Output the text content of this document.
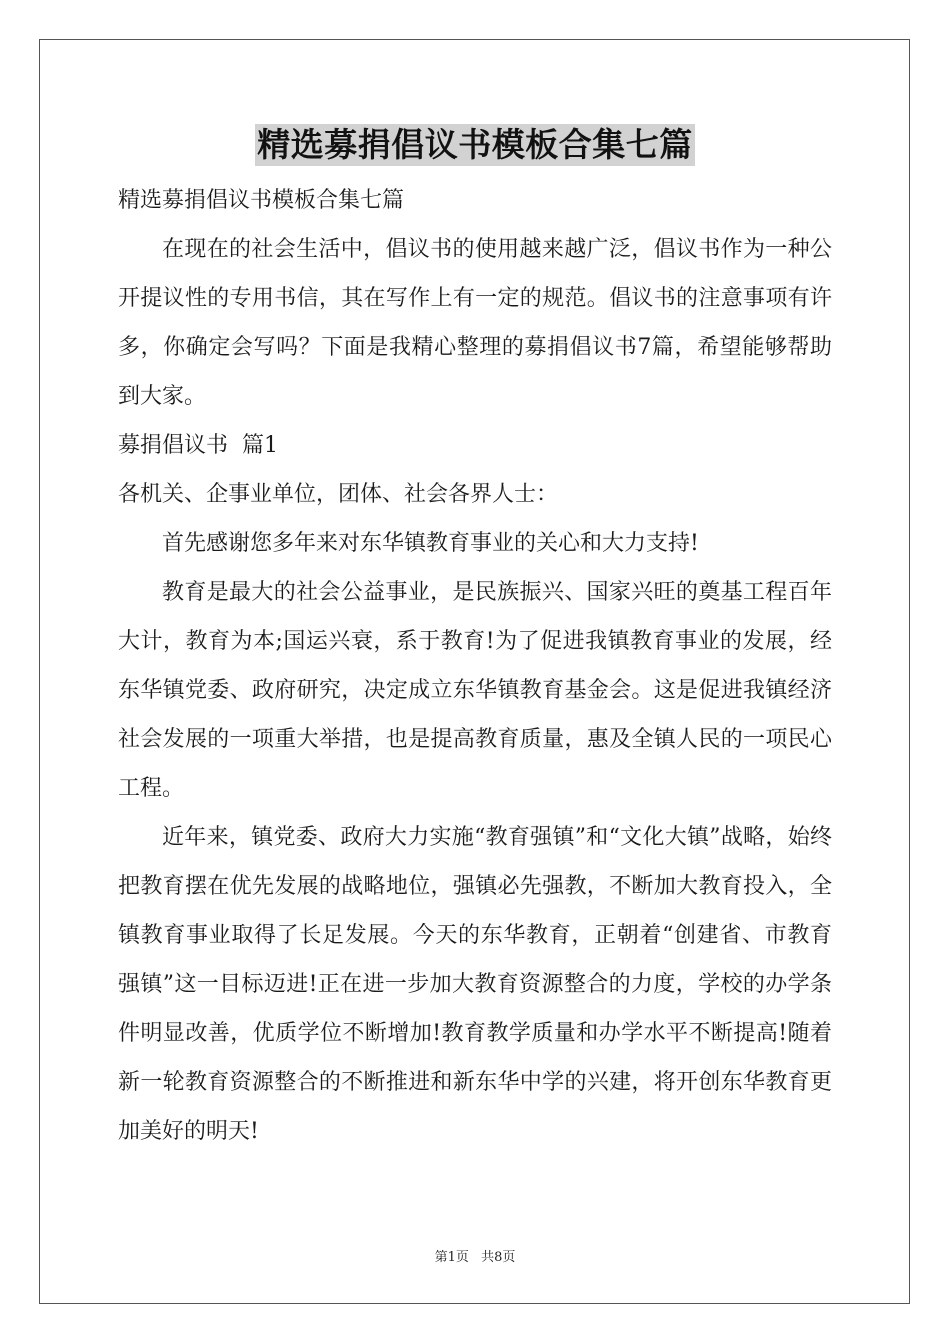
精选募捐倡议书模板合集七篇
精选募捐倡议书模板合集七篇

在现在的社会生活中，倡议书的使用越来越广泛，倡议书作为一种公开提议性的专用书信，其在写作上有一定的规范。倡议书的注意事项有许多，你确定会写吗？下面是我精心整理的募捐倡议书7篇，希望能够帮助到大家。

募捐倡议书  篇1

各机关、企事业单位，团体、社会各界人士：

首先感谢您多年来对东华镇教育事业的关心和大力支持!

教育是最大的社会公益事业，是民族振兴、国家兴旺的奠基工程百年大计，教育为本;国运兴衰，系于教育!为了促进我镇教育事业的发展，经东华镇党委、政府研究，决定成立东华镇教育基金会。这是促进我镇经济社会发展的一项重大举措，也是提高教育质量，惠及全镇人民的一项民心工程。

近年来，镇党委、政府大力实施“教育强镇”和“文化大镇”战略，始终把教育摆在优先发展的战略地位，强镇必先强教，不断加大教育投入，全镇教育事业取得了长足发展。今天的东华教育，正朝着“创建省、市教育强镇”这一目标迈进!正在进一步加大教育资源整合的力度，学校的办学条件明显改善，优质学位不断增加!教育教学质量和办学水平不断提高!随着新一轮教育资源整合的不断推进和新东华中学的兴建，将开创东华教育更加美好的明天!

第1页 共8页
